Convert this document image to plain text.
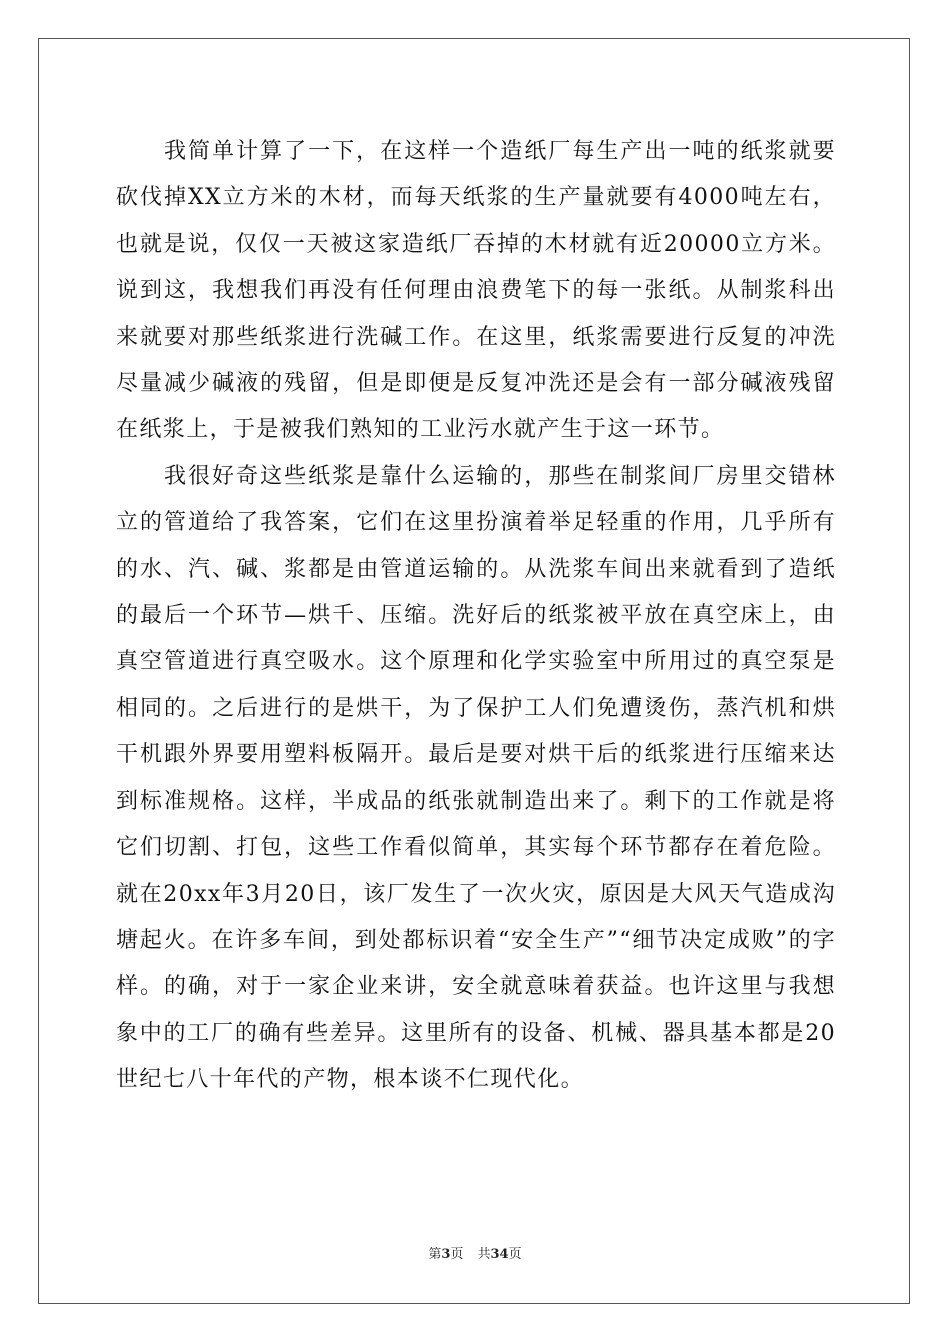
我简单计算了一下，在这样一个造纸厂每生产出一吨的纸浆就要砍伐掉XX立方米的木材，而每天纸浆的生产量就要有4000吨左右，也就是说，仅仅一天被这家造纸厂吞掉的木材就有近20000立方米。说到这，我想我们再没有任何理由浪费笔下的每一张纸。从制浆科出来就要对那些纸浆进行洗碱工作。在这里，纸浆需要进行反复的冲洗尽量减少碱液的残留，但是即便是反复冲洗还是会有一部分碱液残留在纸浆上，于是被我们熟知的工业污水就产生于这一环节。

我很好奇这些纸浆是靠什么运输的，那些在制浆间厂房里交错林立的管道给了我答案，它们在这里扮演着举足轻重的作用，几乎所有的水、汽、碱、浆都是由管道运输的。从洗浆车间出来就看到了造纸的最后一个环节—烘千、压缩。洗好后的纸浆被平放在真空床上，由真空管道进行真空吸水。这个原理和化学实验室中所用过的真空泵是相同的。之后进行的是烘干，为了保护工人们免遭烫伤，蒸汽机和烘干机跟外界要用塑料板隔开。最后是要对烘干后的纸浆进行压缩来达到标准规格。这样，半成品的纸张就制造出来了。剩下的工作就是将它们切割、打包，这些工作看似简单，其实每个环节都存在着危险。就在20xx年3月20日，该厂发生了一次火灾，原因是大风天气造成沟塘起火。在许多车间，到处都标识着“安全生产”“细节决定成败”的字样。的确，对于一家企业来讲，安全就意味着获益。也许这里与我想象中的工厂的确有些差异。这里所有的设备、机械、器具基本都是20世纪七八十年代的产物，根本谈不仁现代化。

第3页 共34页
